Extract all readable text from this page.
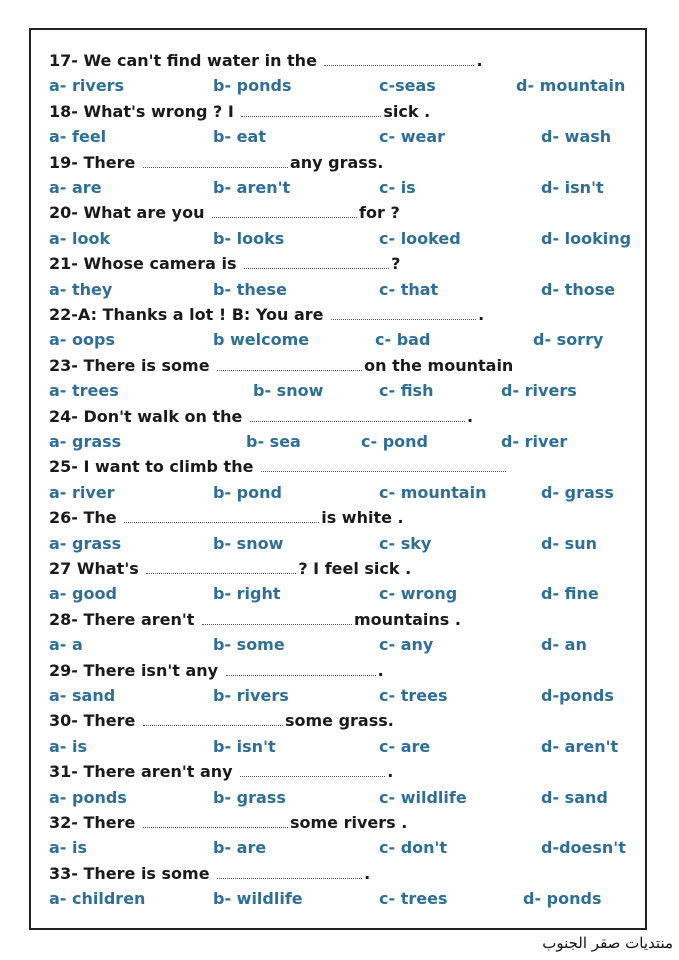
17- We can't find water in the	.
a- rivers	b- ponds	c-seas	d- mountain
18- What's wrong ? I	sick .
a- feel	b- eat	c- wear	d- wash
19- There	any grass.
a- are	b- aren't	c- is	d- isn't
20- What are you	for ?
a- look	b- looks	c- looked	d- looking
21- Whose camera is	?
a- they	b- these	c- that	d- those
22-A: Thanks a lot ! B: You are	.
a- oops	b welcome	c- bad	d- sorry
23- There is some	on the mountain
a- trees	b- snow	c- fish	d- rivers
24- Don't walk on the	.
a- grass	b- sea	c- pond	d- river
25- I want to climb the
a- river	b- pond	c- mountain	d- grass
26- The	is white .
a- grass	b- snow	c- sky	d- sun
27 What's	? I feel sick .
a- good	b- right	c- wrong	d- fine
28- There aren't	mountains .
a- a	b- some	c- any	d- an
29- There isn't any	.
a- sand	b- rivers	c- trees	d-ponds
30- There	some grass.
a- is	b- isn't	c- are	d- aren't
31- There aren't any	.
a- ponds	b- grass	c- wildlife	d- sand
32- There	some rivers .
a- is	b- are	c- don't	d-doesn't
33- There is some	.
a- children	b- wildlife	c- trees	d- ponds
منتديات صقر الجنوب
